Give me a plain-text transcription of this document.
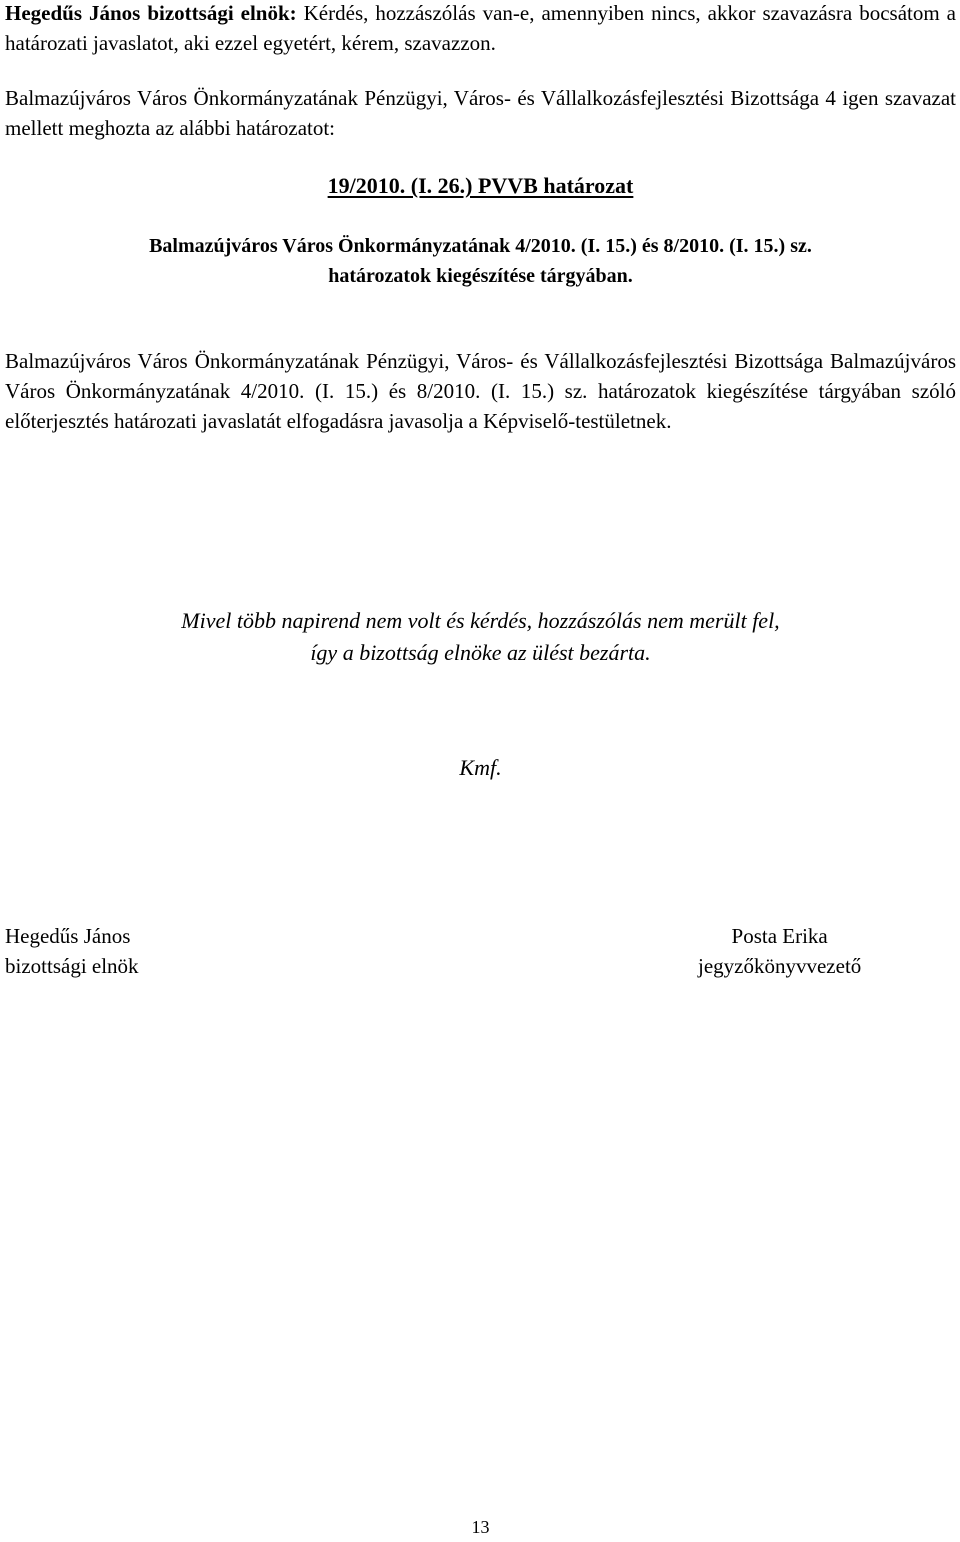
Hegedűs János bizottsági elnök: Kérdés, hozzászólás van-e, amennyiben nincs, akkor szavazásra bocsátom a határozati javaslatot, aki ezzel egyetért, kérem, szavazzon.

Balmazújváros Város Önkormányzatának Pénzügyi, Város- és Vállalkozásfejlesztési Bizottsága 4 igen szavazat mellett meghozta az alábbi határozatot:

19/2010. (I. 26.) PVVB határozat

Balmazújváros Város Önkormányzatának 4/2010. (I. 15.) és 8/2010. (I. 15.) sz.
határozatok kiegészítése tárgyában.

Balmazújváros Város Önkormányzatának Pénzügyi, Város- és Vállalkozásfejlesztési Bizottsága Balmazújváros Város Önkormányzatának 4/2010. (I. 15.) és 8/2010. (I. 15.) sz. határozatok kiegészítése tárgyában szóló előterjesztés határozati javaslatát elfogadásra javasolja a Képviselő-testületnek.

Mivel több napirend nem volt és kérdés, hozzászólás nem merült fel,
így a bizottság elnöke az ülést bezárta.

Kmf.

Hegedűs János
bizottsági elnök
Posta Erika
jegyzőkönyvvezető

13
